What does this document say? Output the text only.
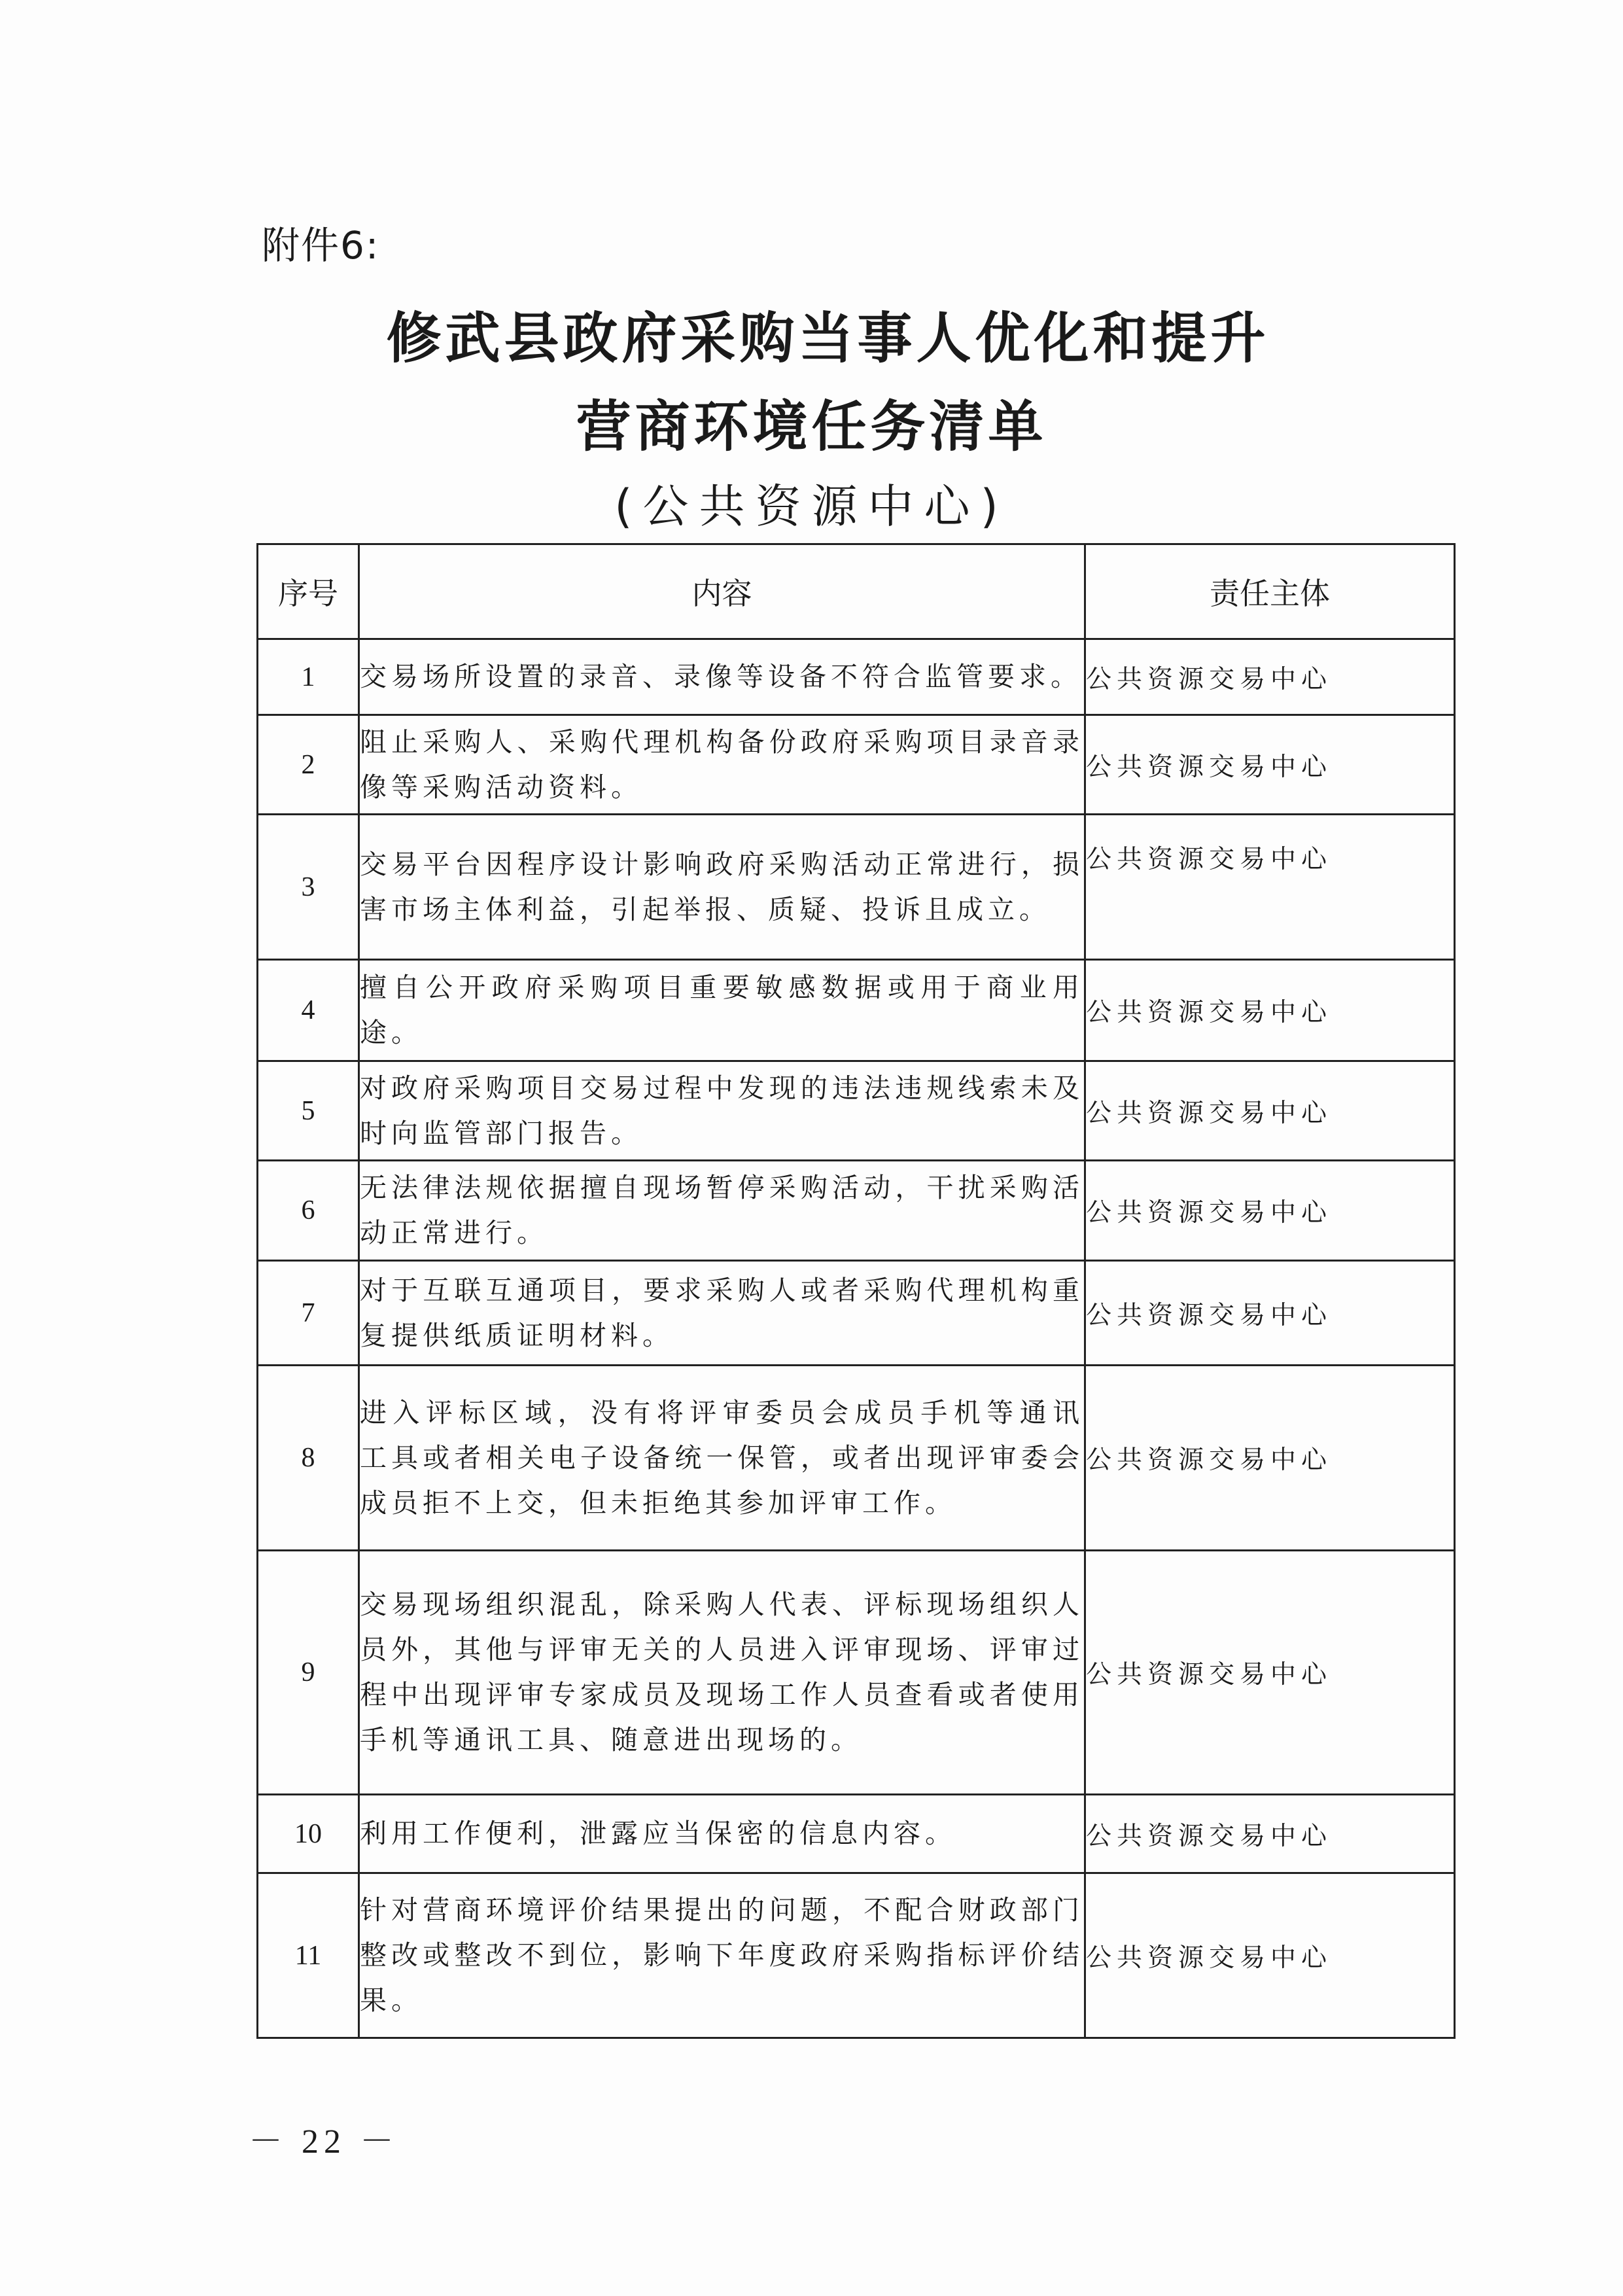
附件6:
修武县政府采购当事人优化和提升
营商环境任务清单
(公共资源中心)
序号	内容	责任主体
1	交易场所设置的录音、录像等设备不符合监管要求。	公共资源交易中心
2	阻止采购人、采购代理机构备份政府采购项目录音录像等采购活动资料。	公共资源交易中心
3	交易平台因程序设计影响政府采购活动正常进行，损害市场主体利益，引起举报、质疑、投诉且成立。	公共资源交易中心
4	擅自公开政府采购项目重要敏感数据或用于商业用途。	公共资源交易中心
5	对政府采购项目交易过程中发现的违法违规线索未及时向监管部门报告。	公共资源交易中心
6	无法律法规依据擅自现场暂停采购活动，干扰采购活动正常进行。	公共资源交易中心
7	对于互联互通项目，要求采购人或者采购代理机构重复提供纸质证明材料。	公共资源交易中心
8	进入评标区域，没有将评审委员会成员手机等通讯 工具或者相关电子设备统一保管，或者出现评审委会成员拒不上交，但未拒绝其参加评审工作。	公共资源交易中心
9	交易现场组织混乱，除采购人代表、评标现场组织人员外，其他与评审无关的人员进入评审现场、评审过程中出现评审专家成员及现场工作人员查看或者使用手机等通讯工具、随意进出现场的。	公共资源交易中心
10	利用工作便利，泄露应当保密的信息内容。	公共资源交易中心
11	针对营商环境评价结果提出的问题，不配合财政部门整改或整改不到位，影响下年度政府采购指标评价结果。	公共资源交易中心
－ 22 －
